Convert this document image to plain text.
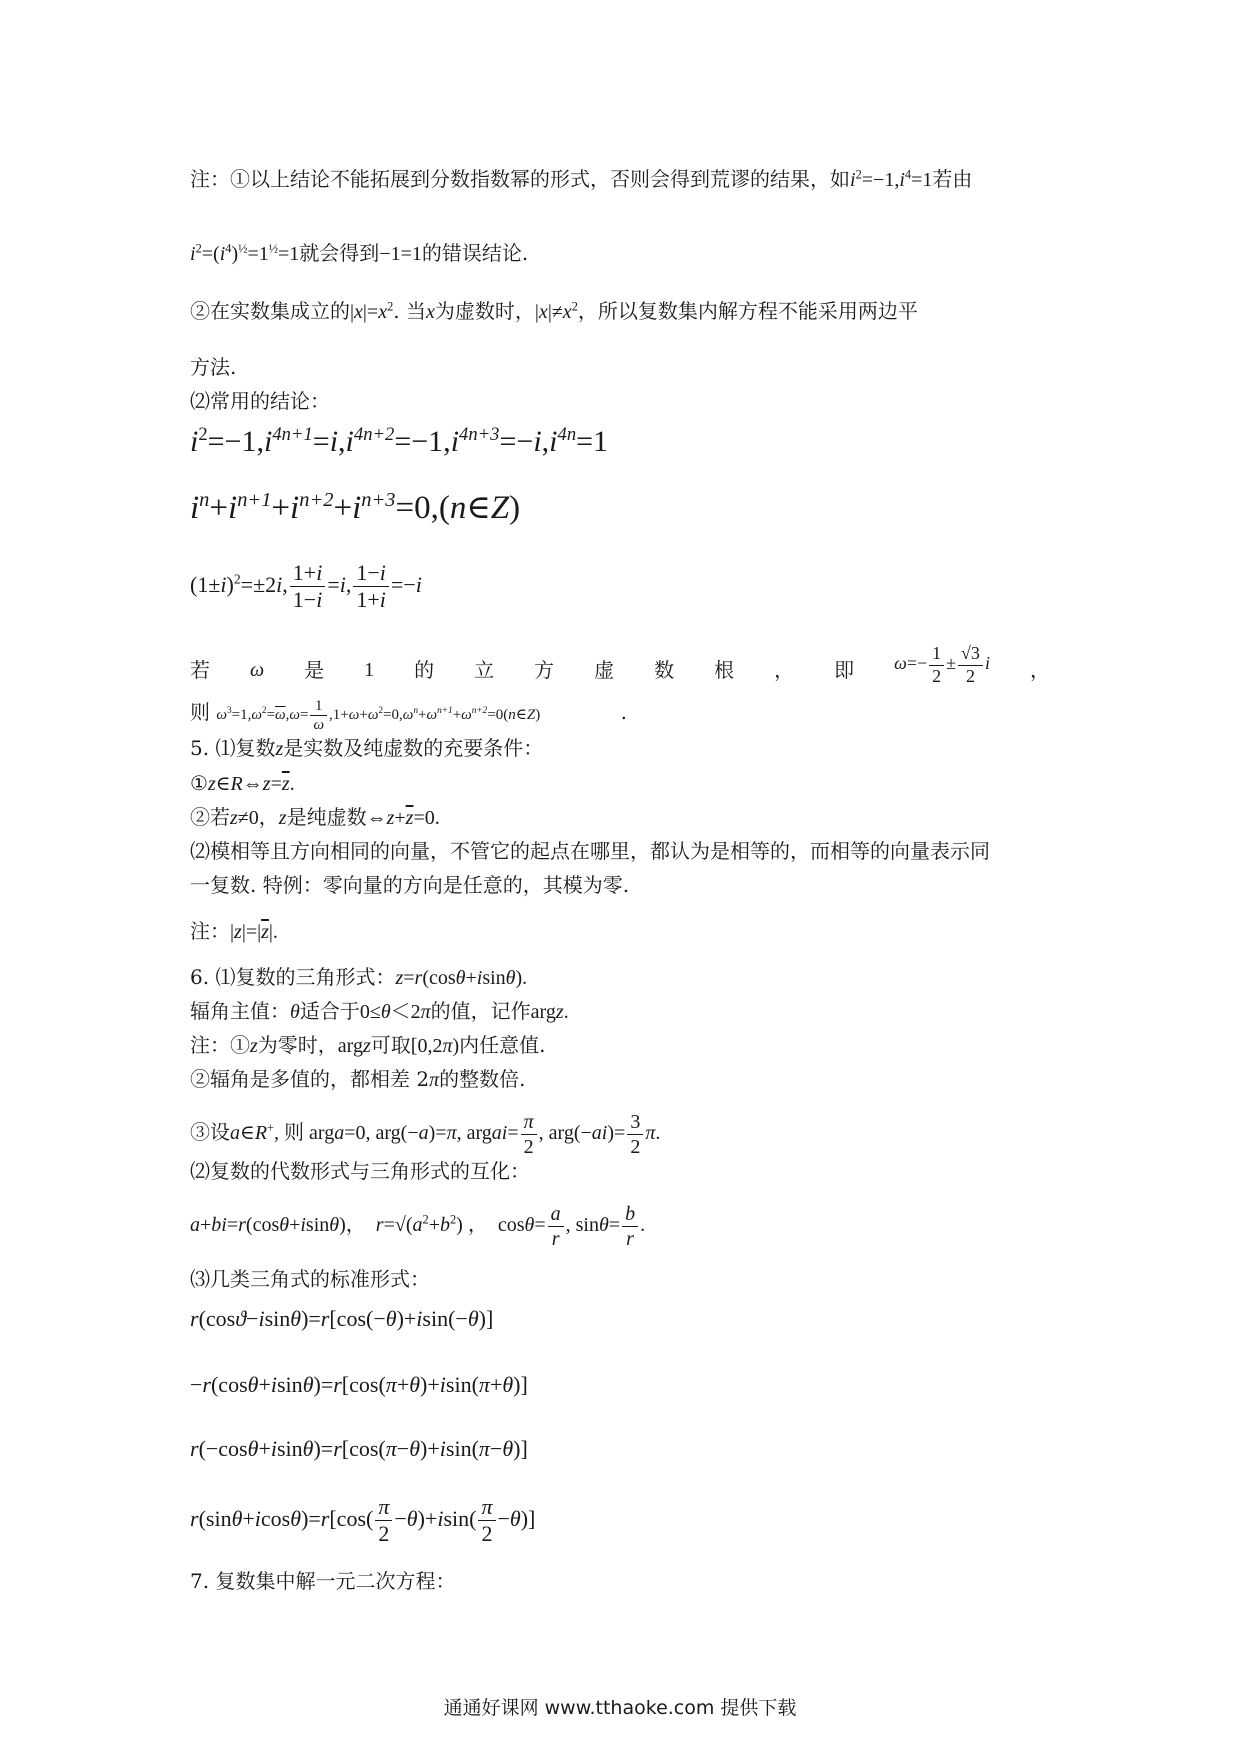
注：①以上结论不能拓展到分数指数幂的形式，否则会得到荒谬的结果，如$i^2=-1,i^4=1$若由
$i^2=(i^4)^{\frac{1}{2}}=1^{\frac{1}{2}}=1$就会得到−1=1的错误结论.
②在实数集成立的$|x|=x^2$. 当x为虚数时，$|x|\ne x^2$，所以复数集内解方程不能采用两边平
方法.
⑵常用的结论：
$i^2=-1,i^{4n+1}=i,i^{4n+2}=-1,i^{4n+3}=-i,i^{4n}=1$
$i^n+i^{n+1}+i^{n+2}+i^{n+3}=0,(n\in Z)$
$(1\pm i)^2=\pm 2i$, $\frac{1+i}{1-i} =i$, $\frac{1-i}{1+i} =-i$
若 ω 是 1 的 立 方 虚 数 根 ， 即 $\omega=- \frac{1}{2} \pm \frac{√3}{2}$ i ，
则 $\omega^3=1,\omega^2=\overline{\omega},\omega= \frac{1}{\omega}$ $,1+\omega+\omega^2=0,\omega^n+\omega^{n+1}+\omega^{n+2}=0(n\in Z)$	.
5. ⑴复数z是实数及纯虚数的充要条件：
$①z\in R\Leftrightarrow z=\overline{z}$.
②若z≠0，z是纯虚数$\Leftrightarrow z+\overline{z}=0$.
⑵模相等且方向相同的向量，不管它的起点在哪里，都认为是相等的，而相等的向量表示同
一复数. 特例：零向量的方向是任意的，其模为零.
注：$|z|=|\overline{z}|$.
6. ⑴复数的三角形式：z=r(cosθ+isinθ).
辐角主值：θ适合于0≤θ＜2π的值，记作argz.
注：①z为零时，argz可取[0,2π)内任意值.
②辐角是多值的，都相差 2π的整数倍.
③设a∈R+, 则 arga=0, arg(−a)=π, argai= $\frac{\pi}{2}$ , $arg(-ai)= \frac{3}{2} \pi$.
⑵复数的代数形式与三角形式的互化：
a+bi=r(cosθ+isinθ)，  $r=√(a^2+b^2)$ ，  $\cos\theta= \frac{a}{r}$ , $\sin\theta= \frac{b}{r}$ .
⑶几类三角式的标准形式：
r(cosϑ−isinθ)=r[cos(−θ)+isin(−θ)]
−r(cosθ+isinθ)=r[cos(π+θ)+isin(π+θ)]
r(−cosθ+isinθ)=r[cos(π−θ)+isin(π−θ)]
$r(\sin\theta+icos\theta)=r[\cos( \frac{\pi}{2} -\theta)+isin( \frac{\pi}{2} -\theta)]$
7. 复数集中解一元二次方程：
通通好课网 www.tthaoke.com 提供下载
